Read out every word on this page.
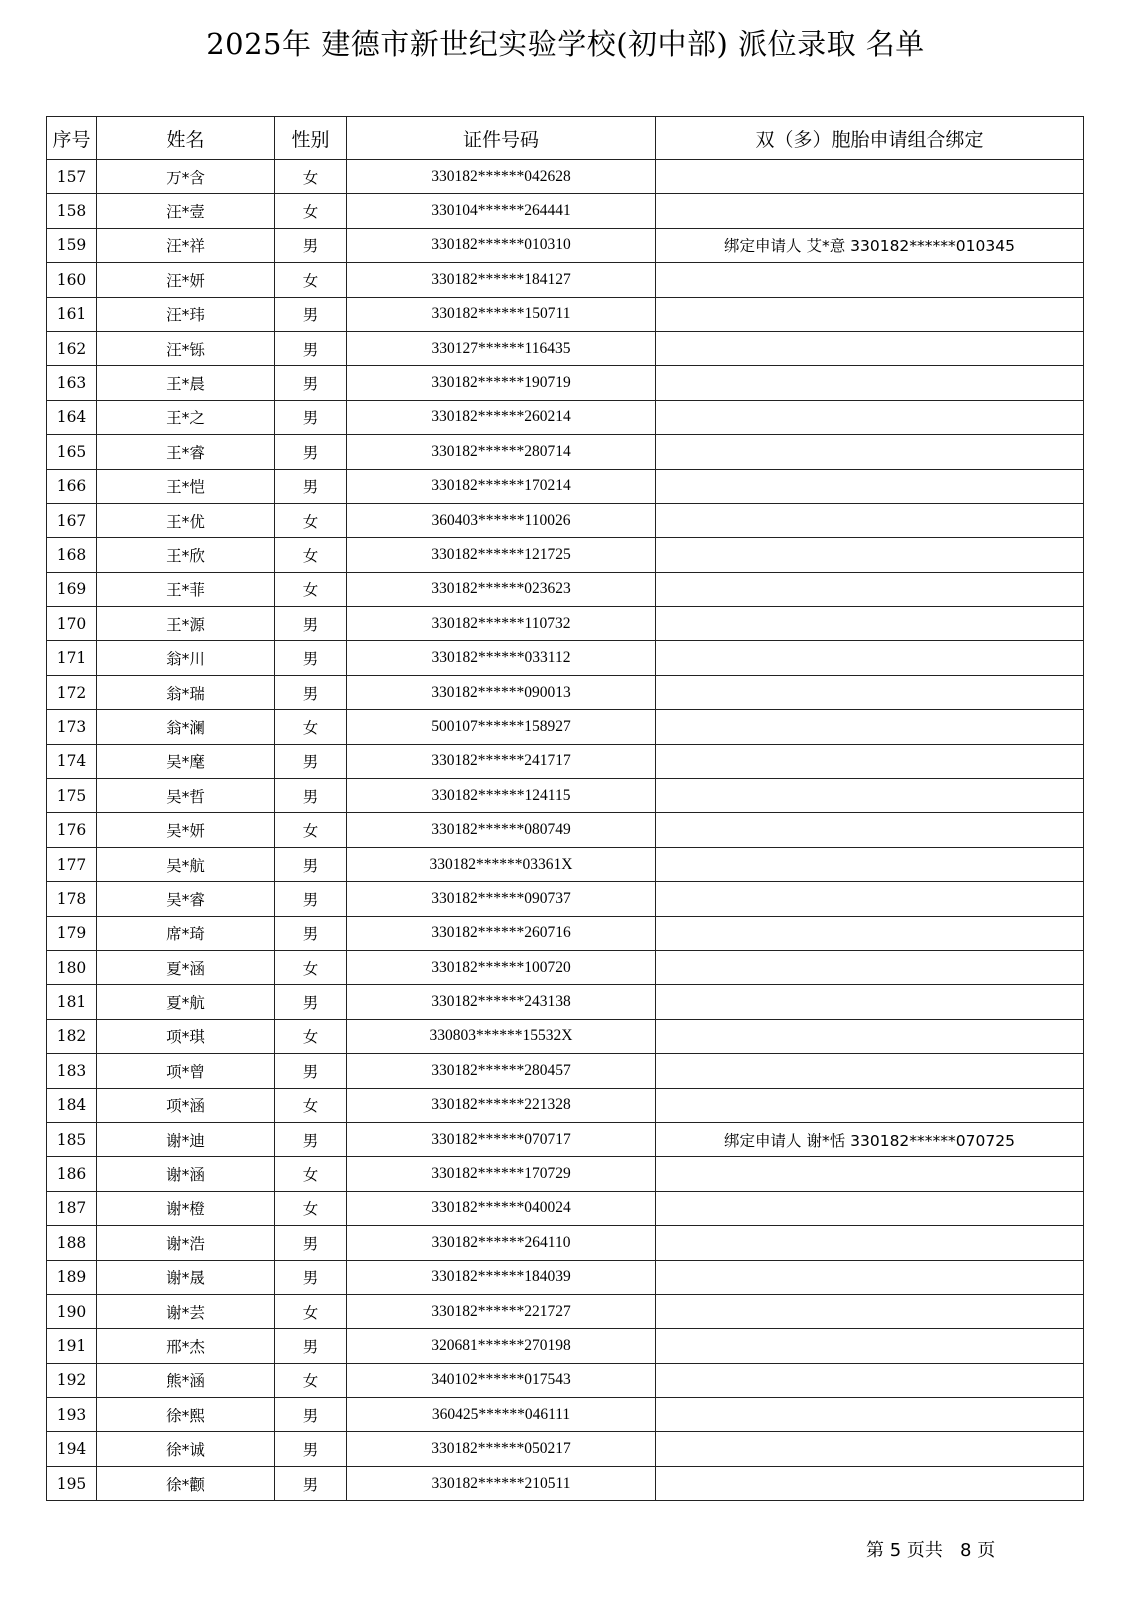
2025年 建德市新世纪实验学校(初中部) 派位录取 名单
序号	姓名	性别	证件号码	双（多）胞胎申请组合绑定
157	万*含	女	330182******042628	
158	汪*壹	女	330104******264441	
159	汪*祥	男	330182******010310	绑定申请人 艾*意 330182******010345
160	汪*妍	女	330182******184127	
161	汪*玮	男	330182******150711	
162	汪*铄	男	330127******116435	
163	王*晨	男	330182******190719	
164	王*之	男	330182******260214	
165	王*睿	男	330182******280714	
166	王*恺	男	330182******170214	
167	王*优	女	360403******110026	
168	王*欣	女	330182******121725	
169	王*菲	女	330182******023623	
170	王*源	男	330182******110732	
171	翁*川	男	330182******033112	
172	翁*瑞	男	330182******090013	
173	翁*澜	女	500107******158927	
174	吴*麾	男	330182******241717	
175	吴*哲	男	330182******124115	
176	吴*妍	女	330182******080749	
177	吴*航	男	330182******03361X	
178	吴*睿	男	330182******090737	
179	席*琦	男	330182******260716	
180	夏*涵	女	330182******100720	
181	夏*航	男	330182******243138	
182	项*琪	女	330803******15532X	
183	项*曾	男	330182******280457	
184	项*涵	女	330182******221328	
185	谢*迪	男	330182******070717	绑定申请人 谢*恬 330182******070725
186	谢*涵	女	330182******170729	
187	谢*橙	女	330182******040024	
188	谢*浩	男	330182******264110	
189	谢*晟	男	330182******184039	
190	谢*芸	女	330182******221727	
191	邢*杰	男	320681******270198	
192	熊*涵	女	340102******017543	
193	徐*熙	男	360425******046111	
194	徐*诚	男	330182******050217	
195	徐*颧	男	330182******210511	
第 5 页共   8 页
